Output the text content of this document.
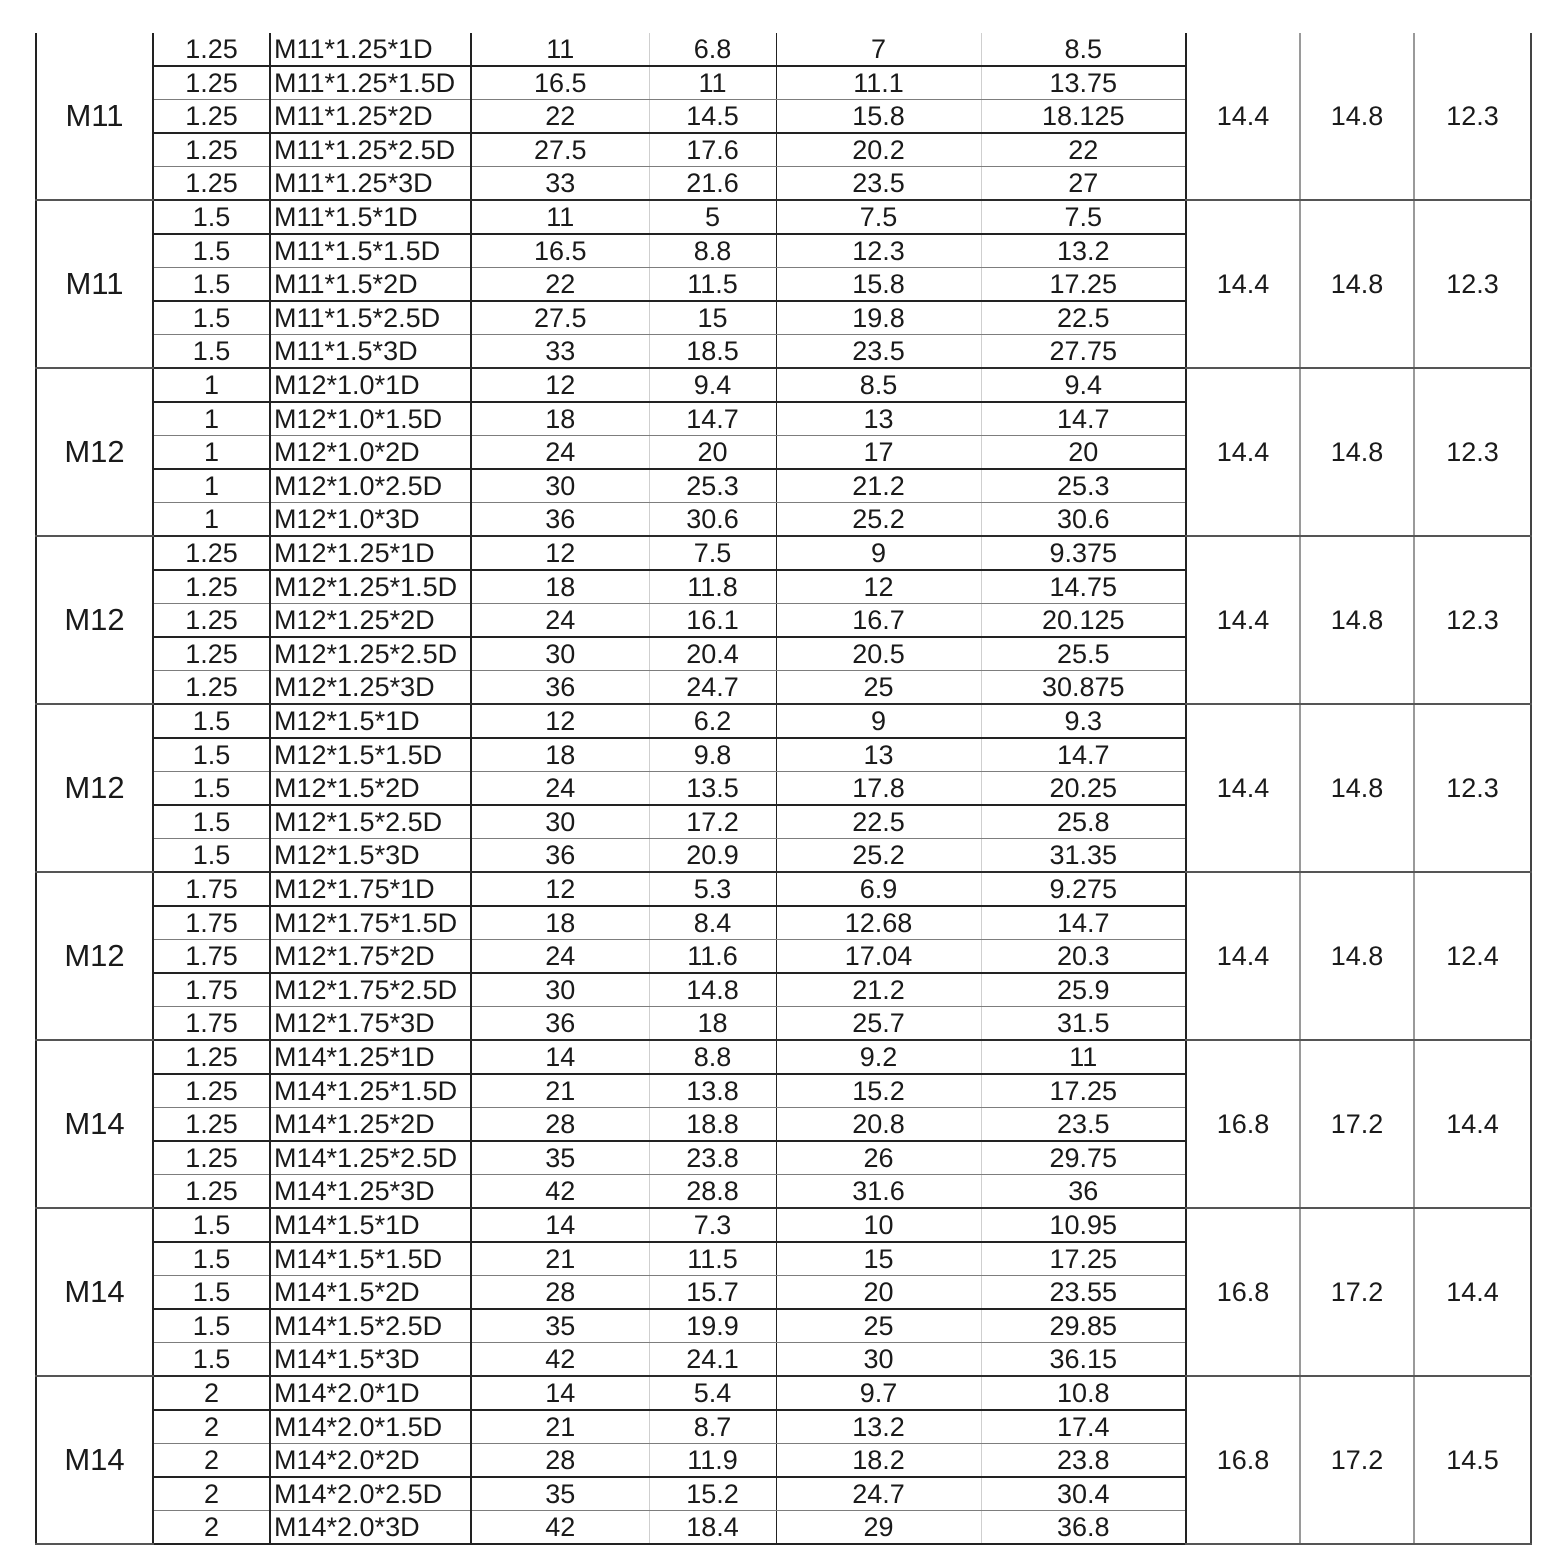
M11	1.25	M11*1.25*1D	11	6.8	7	8.5	14.4	14.8	12.3
	1.25	M11*1.25*1.5D	16.5	11	11.1	13.75			
	1.25	M11*1.25*2D	22	14.5	15.8	18.125			
	1.25	M11*1.25*2.5D	27.5	17.6	20.2	22			
	1.25	M11*1.25*3D	33	21.6	23.5	27			
M11	1.5	M11*1.5*1D	11	5	7.5	7.5	14.4	14.8	12.3
	1.5	M11*1.5*1.5D	16.5	8.8	12.3	13.2			
	1.5	M11*1.5*2D	22	11.5	15.8	17.25			
	1.5	M11*1.5*2.5D	27.5	15	19.8	22.5			
	1.5	M11*1.5*3D	33	18.5	23.5	27.75			
M12	1	M12*1.0*1D	12	9.4	8.5	9.4	14.4	14.8	12.3
	1	M12*1.0*1.5D	18	14.7	13	14.7			
	1	M12*1.0*2D	24	20	17	20			
	1	M12*1.0*2.5D	30	25.3	21.2	25.3			
	1	M12*1.0*3D	36	30.6	25.2	30.6			
M12	1.25	M12*1.25*1D	12	7.5	9	9.375	14.4	14.8	12.3
	1.25	M12*1.25*1.5D	18	11.8	12	14.75			
	1.25	M12*1.25*2D	24	16.1	16.7	20.125			
	1.25	M12*1.25*2.5D	30	20.4	20.5	25.5			
	1.25	M12*1.25*3D	36	24.7	25	30.875			
M12	1.5	M12*1.5*1D	12	6.2	9	9.3	14.4	14.8	12.3
	1.5	M12*1.5*1.5D	18	9.8	13	14.7			
	1.5	M12*1.5*2D	24	13.5	17.8	20.25			
	1.5	M12*1.5*2.5D	30	17.2	22.5	25.8			
	1.5	M12*1.5*3D	36	20.9	25.2	31.35			
M12	1.75	M12*1.75*1D	12	5.3	6.9	9.275	14.4	14.8	12.4
	1.75	M12*1.75*1.5D	18	8.4	12.68	14.7			
	1.75	M12*1.75*2D	24	11.6	17.04	20.3			
	1.75	M12*1.75*2.5D	30	14.8	21.2	25.9			
	1.75	M12*1.75*3D	36	18	25.7	31.5			
M14	1.25	M14*1.25*1D	14	8.8	9.2	11	16.8	17.2	14.4
	1.25	M14*1.25*1.5D	21	13.8	15.2	17.25			
	1.25	M14*1.25*2D	28	18.8	20.8	23.5			
	1.25	M14*1.25*2.5D	35	23.8	26	29.75			
	1.25	M14*1.25*3D	42	28.8	31.6	36			
M14	1.5	M14*1.5*1D	14	7.3	10	10.95	16.8	17.2	14.4
	1.5	M14*1.5*1.5D	21	11.5	15	17.25			
	1.5	M14*1.5*2D	28	15.7	20	23.55			
	1.5	M14*1.5*2.5D	35	19.9	25	29.85			
	1.5	M14*1.5*3D	42	24.1	30	36.15			
M14	2	M14*2.0*1D	14	5.4	9.7	10.8	16.8	17.2	14.5
	2	M14*2.0*1.5D	21	8.7	13.2	17.4			
	2	M14*2.0*2D	28	11.9	18.2	23.8			
	2	M14*2.0*2.5D	35	15.2	24.7	30.4			
	2	M14*2.0*3D	42	18.4	29	36.8			
